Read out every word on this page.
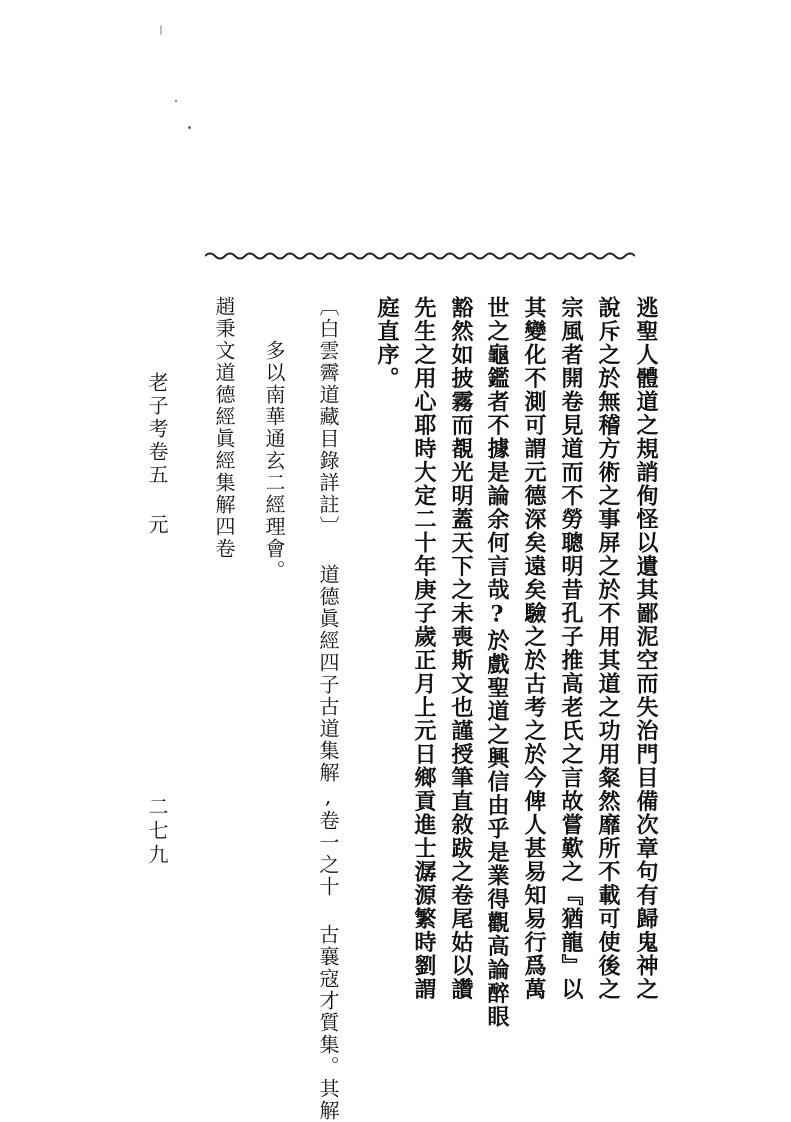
逃聖人體道之規誚侚怪以遺其鄙泥空而失治門目備次章句有歸鬼神之
說斥之於無稽方術之事屏之於不用其道之功用粲然靡所不載可使後之
宗風者開卷見道而不勞聰明昔孔子推高老氏之言故嘗歎之『猶龍』以
其變化不測可謂元德深矣遠矣驗之於古考之於今俾人甚易知易行爲萬
世之龜鑑者不據是論余何言哉?於戲聖道之興信由乎是業得觀高論醉眼
豁然如披霧而覩光明蓋天下之未喪斯文也謹授筆直敘跋之卷尾姑以讚
先生之用心耶時大定二十年庚子歲正月上元日鄉貢進士潺源繁時劉謂
庭直序。
〔白雲霽道藏目錄詳註〕 道德眞經四子古道集解,卷一之十 古襄寇才質集。其解
多以南華通玄二經理會。
趙秉文道德經眞經集解四卷
老子考卷五 元
二七九
